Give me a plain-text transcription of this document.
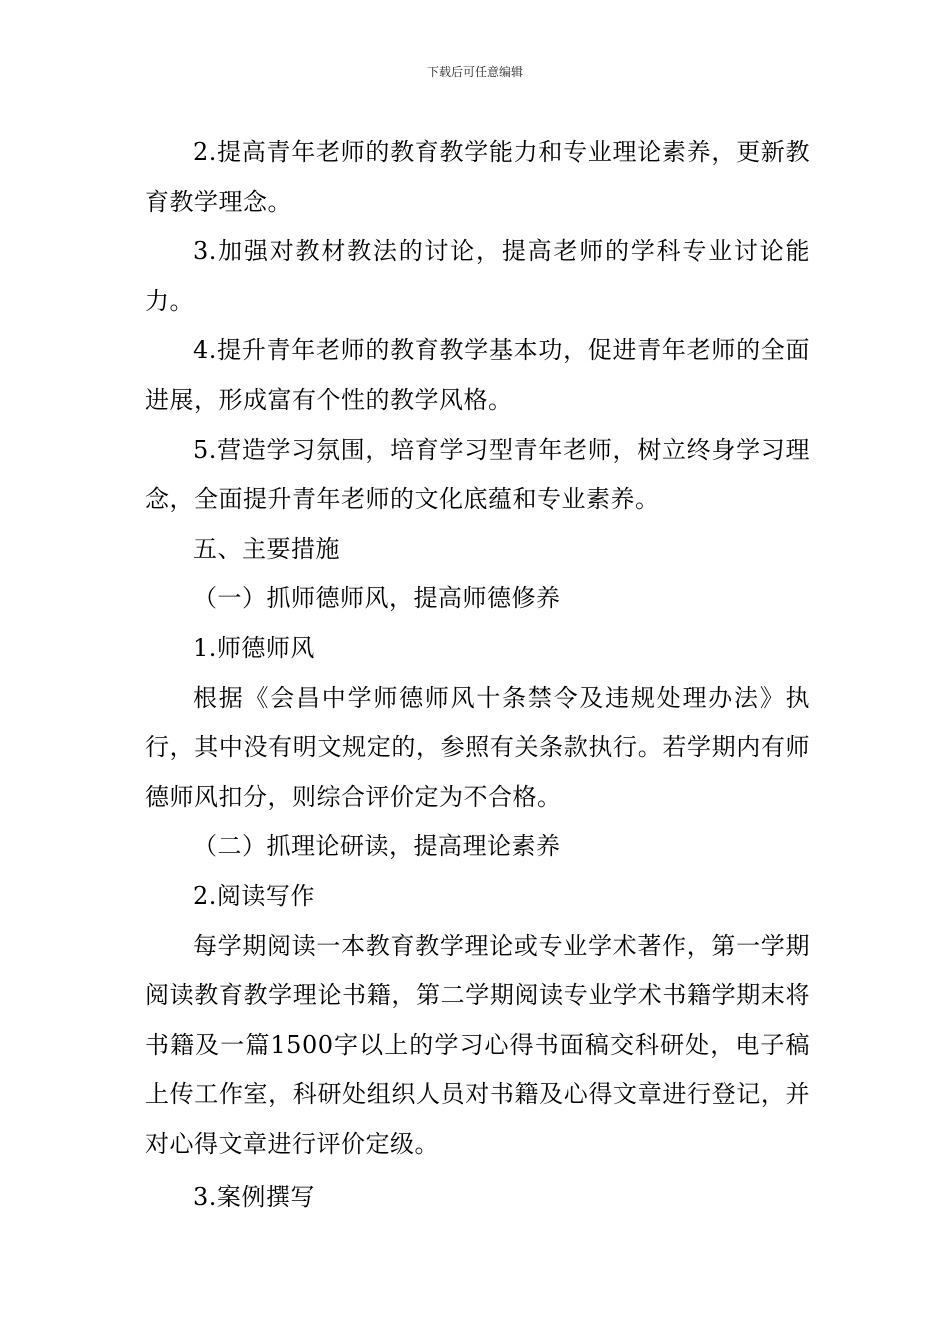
下载后可任意编辑

2.提高青年老师的教育教学能力和专业理论素养，更新教育教学理念。

3.加强对教材教法的讨论，提高老师的学科专业讨论能力。

4.提升青年老师的教育教学基本功，促进青年老师的全面进展，形成富有个性的教学风格。

5.营造学习氛围，培育学习型青年老师，树立终身学习理念，全面提升青年老师的文化底蕴和专业素养。

五、主要措施

（一）抓师德师风，提高师德修养

1.师德师风

根据《会昌中学师德师风十条禁令及违规处理办法》执行，其中没有明文规定的，参照有关条款执行。若学期内有师德师风扣分，则综合评价定为不合格。

（二）抓理论研读，提高理论素养

2.阅读写作

每学期阅读一本教育教学理论或专业学术著作，第一学期阅读教育教学理论书籍，第二学期阅读专业学术书籍学期末将书籍及一篇1500字以上的学习心得书面稿交科研处，电子稿上传工作室，科研处组织人员对书籍及心得文章进行登记，并对心得文章进行评价定级。

3.案例撰写
